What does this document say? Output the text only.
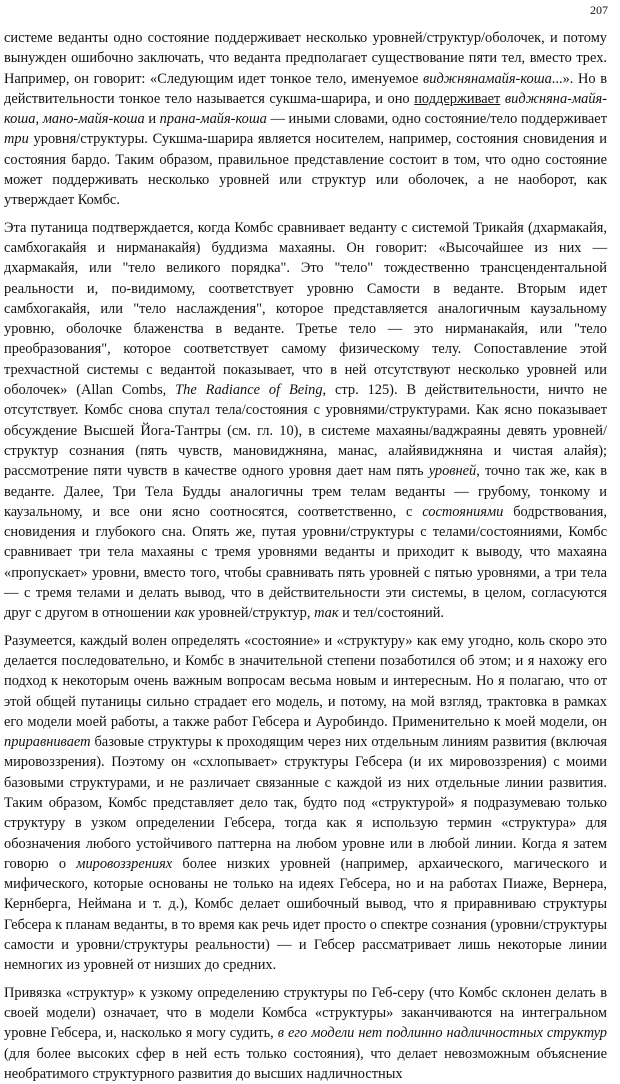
207

системе веданты одно состояние поддерживает несколько уровней/структур/оболочек, и потому вынужден ошибочно заключать, что веданта предполагает существование пяти тел, вместо трех. Например, он говорит: «Следующим идет тонкое тело, именуемое виджнянамайя-коша...». Но в действительности тонкое тело называется сукшма-шарира, и оно поддерживает виджняна-майя-коша, мано-майя-коша и прана-майя-коша — иными словами, одно состояние/тело поддерживает три уровня/структуры. Сукшма-шарира является носителем, например, состояния сновидения и состояния бардо. Таким образом, правильное представление состоит в том, что одно состояние может поддерживать несколько уровней или структур или оболочек, а не наоборот, как утверждает Комбс.

Эта путаница подтверждается, когда Комбс сравнивает веданту с системой Трикайя (дхармакайя, самбхогакайя и нирманакайя) буддизма махаяны. Он говорит: «Высочайшее из них — дхармакайя, или "тело великого порядка". Это "тело" тождественно трансцендентальной реальности и, по-видимому, соответствует уровню Самости в веданте. Вторым идет самбхогакайя, или "тело наслаждения", которое представляется аналогичным каузальному уровню, оболочке блаженства в веданте. Третье тело — это нирманакайя, или "тело преобразования", которое соответствует самому физическому телу. Сопоставление этой трехчастной системы с ведантой показывает, что в ней отсутствуют несколько уровней или оболочек» (Allan Combs, The Radiance of Being, стр. 125). В действительности, ничто не отсутствует. Комбс снова спутал тела/состояния с уровнями/структурами. Как ясно показывает обсуждение Высшей Йога-Тантры (см. гл. 10), в системе махаяны/ваджраяны девять уровней/структур сознания (пять чувств, мановиджняна, манас, алайявиджняна и чистая алайя); рассмотрение пяти чувств в качестве одного уровня дает нам пять уровней, точно так же, как в веданте. Далее, Три Тела Будды аналогичны трем телам веданты — грубому, тонкому и каузальному, и все они ясно соотносятся, соответственно, с состояниями бодрствования, сновидения и глубокого сна. Опять же, путая уровни/структуры с телами/состояниями, Комбс сравнивает три тела махаяны с тремя уровнями веданты и приходит к выводу, что махаяна «пропускает» уровни, вместо того, чтобы сравнивать пять уровней с пятью уровнями, а три тела — с тремя телами и делать вывод, что в действительности эти системы, в целом, согласуются друг с другом в отношении как уровней/структур, так и тел/состояний.

Разумеется, каждый волен определять «состояние» и «структуру» как ему угодно, коль скоро это делается последовательно, и Комбс в значительной степени позаботился об этом; и я нахожу его подход к некоторым очень важным вопросам весьма новым и интересным. Но я полагаю, что от этой общей путаницы сильно страдает его модель, и потому, на мой взгляд, трактовка в рамках его модели моей работы, а также работ Гебсера и Ауробиндо. Применительно к моей модели, он приравнивает базовые структуры к проходящим через них отдельным линиям развития (включая мировоззрения). Поэтому он «схлопывает» структуры Гебсера (и их мировоззрения) с моими базовыми структурами, и не различает связанные с каждой из них отдельные линии развития. Таким образом, Комбс представляет дело так, будто под «структурой» я подразумеваю только структуру в узком определении Гебсера, тогда как я использую термин «структура» для обозначения любого устойчивого паттерна на любом уровне или в любой линии. Когда я затем говорю о мировоззрениях более низких уровней (например, архаического, магического и мифического, которые основаны не только на идеях Гебсера, но и на работах Пиаже, Вернера, Кернберга, Неймана и т. д.), Комбс делает ошибочный вывод, что я приравниваю структуры Гебсера к планам веданты, в то время как речь идет просто о спектре сознания (уровни/структуры самости и уровни/структуры реальности) — и Гебсер рассматривает лишь некоторые линии немногих из уровней от низших до средних.

Привязка «структур» к узкому определению структуры по Геб-серу (что Комбс склонен делать в своей модели) означает, что в модели Комбса «структуры» заканчиваются на интегральном уровне Гебсера, и, насколько я могу судить, в его модели нет подлинно надличностных структур (для более высоких сфер в ней есть только состояния), что делает невозможным объяснение необратимого структурного развития до высших надличностных
